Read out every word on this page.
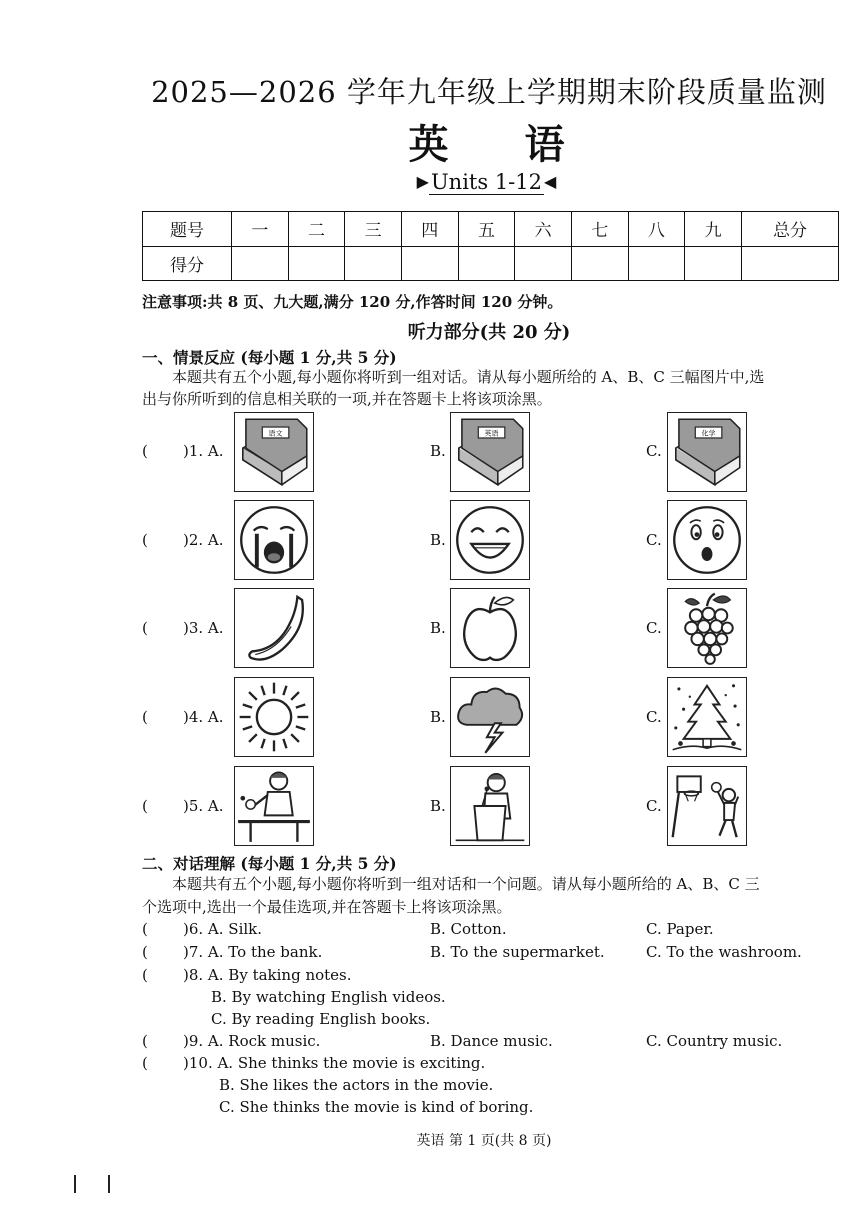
2025—2026 学年九年级上学期期末阶段质量监测
英 语
▶Units 1-12 ◀
题号	一	二	三	四	五	六	七	八	九	总分
得分										
注意事项:共 8 页、九大题,满分 120 分,作答时间 120 分钟。
听力部分(共 20 分)
一、情景反应 (每小题 1 分,共 5 分)
本题共有五个小题,每小题你将听到一组对话。请从每小题所给的 A、B、C 三幅图片中,选
出与你所听到的信息相关联的一项,并在答题卡上将该项涂黑。
( )1. A.
语文
B.
英语
C.
化学
( )2. A.	B.	C.
( )3. A.	B.	C.
( )4. A.	B.	C.
( )5. A.	B.	C.
二、对话理解 (每小题 1 分,共 5 分)
本题共有五个小题,每小题你将听到一组对话和一个问题。请从每小题所给的 A、B、C 三
个选项中,选出一个最佳选项,并在答题卡上将该项涂黑。
( )6. A. Silk.	B. Cotton.	C. Paper.
( )7. A. To the bank.	B. To the supermarket.	C. To the washroom.
( )8. A. By taking notes.
B. By watching English videos.
C. By reading English books.
( )9. A. Rock music.	B. Dance music.	C. Country music.
( )10. A. She thinks the movie is exciting.
B. She likes the actors in the movie.
C. She thinks the movie is kind of boring.
英语 第 1 页(共 8 页)
